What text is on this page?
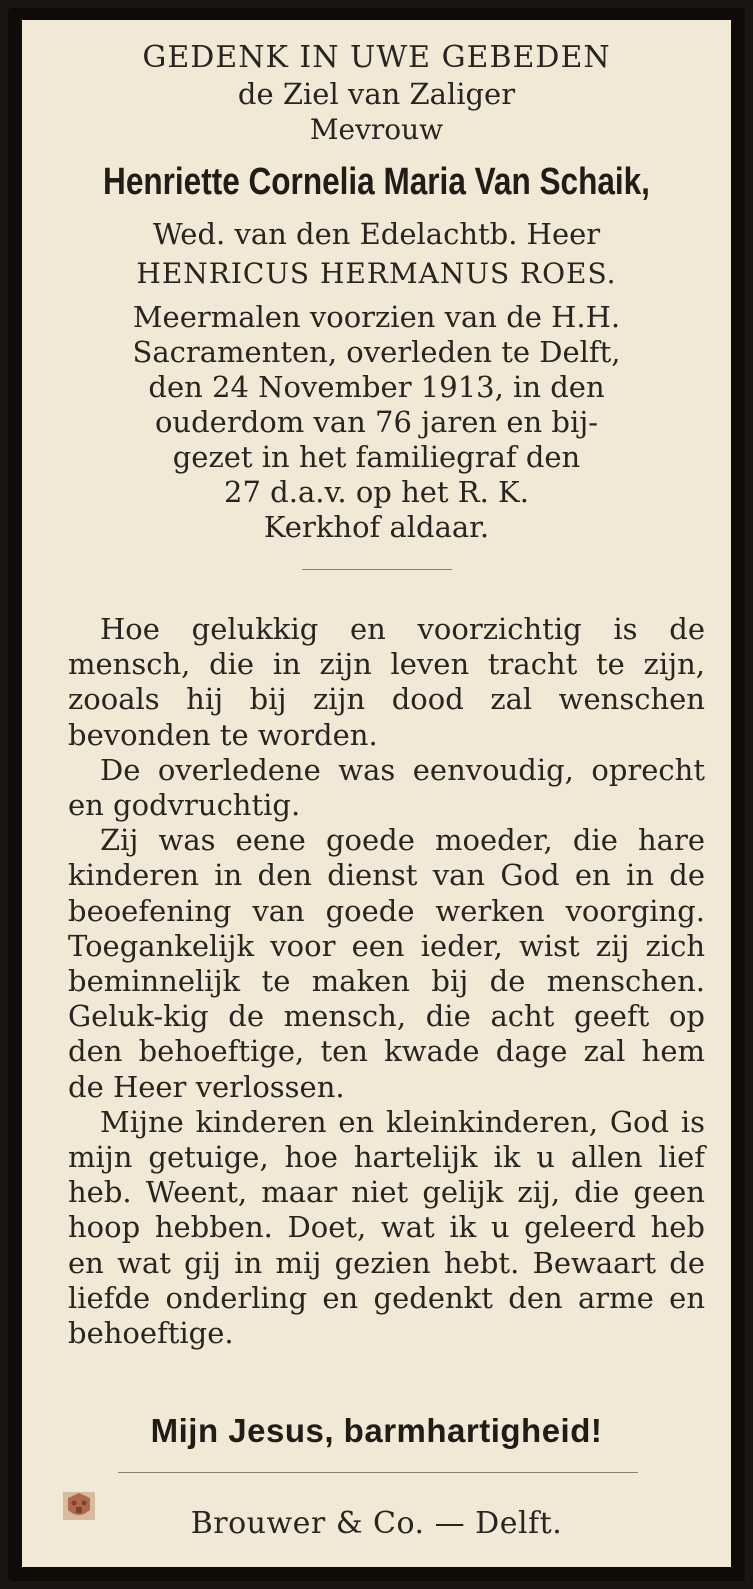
GEDENK IN UWE GEBEDEN
de Ziel van Zaliger
Mevrouw
Henriette Cornelia Maria Van Schaik,
Wed. van den Edelachtb. Heer
HENRICUS HERMANUS ROES.
Meermalen voorzien van de H.H.
Sacramenten, overleden te Delft,
den 24 November 1913, in den
ouderdom van 76 jaren en bij-
gezet in het familiegraf den
27 d.a.v. op het R. K.
Kerkhof aldaar.

Hoe gelukkig en voorzichtig is de mensch, die in zijn leven tracht te zijn, zooals hij bij zijn dood zal wenschen bevonden te worden.

De overledene was eenvoudig, oprecht en godvruchtig.

Zij was eene goede moeder, die hare kinderen in den dienst van God en in de beoefening van goede werken voorging. Toegankelijk voor een ieder, wist zij zich beminnelijk te maken bij de menschen. Geluk-kig de mensch, die acht geeft op den behoeftige, ten kwade dage zal hem de Heer verlossen.

Mijne kinderen en kleinkinderen, God is mijn getuige, hoe hartelijk ik u allen lief heb. Weent, maar niet gelijk zij, die geen hoop hebben. Doet, wat ik u geleerd heb en wat gij in mij gezien hebt. Bewaart de liefde onderling en gedenkt den arme en behoeftige.

Mijn Jesus, barmhartigheid!
Brouwer & Co. — Delft.
